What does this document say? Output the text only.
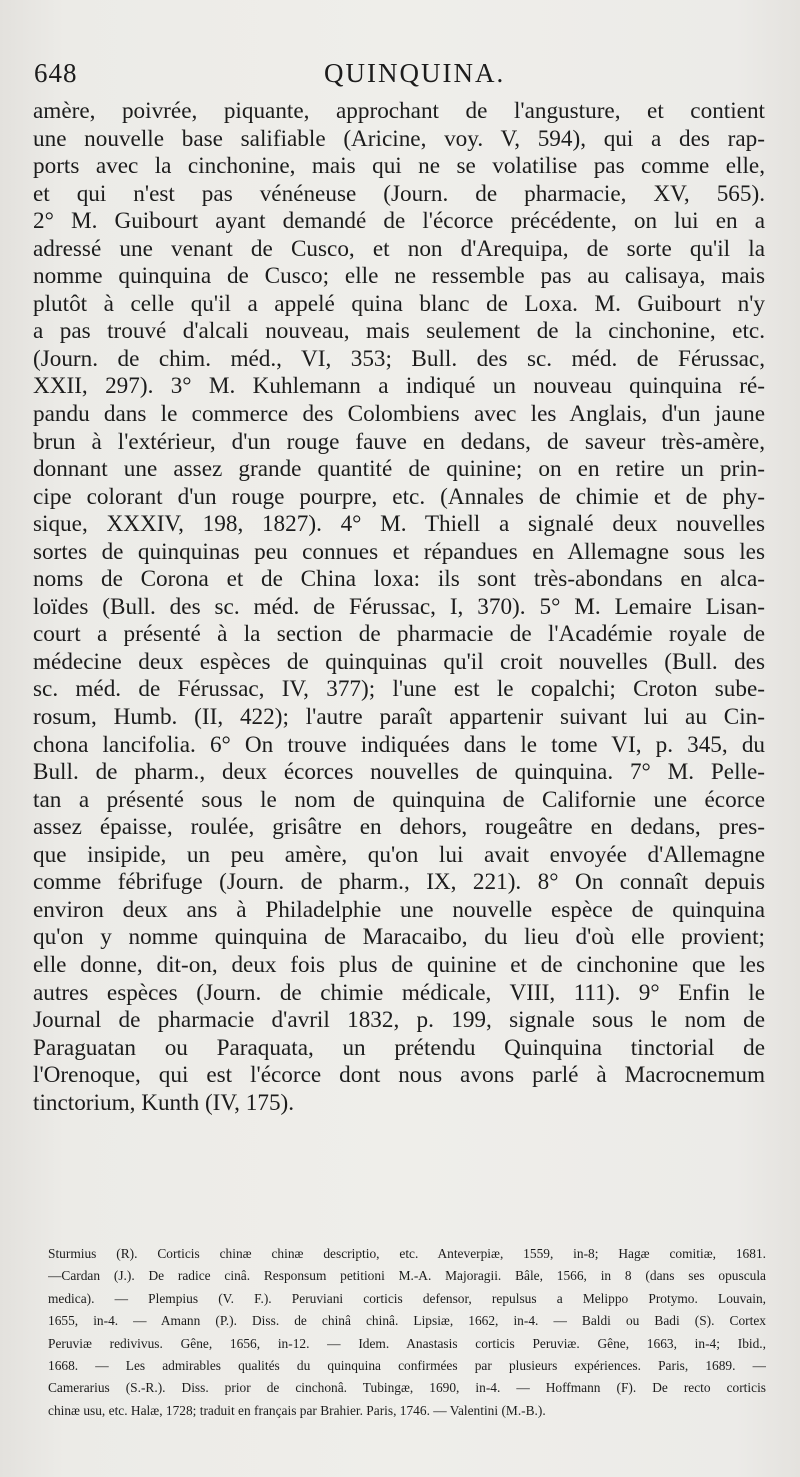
648	QUINQUINA.
amère, poivrée, piquante, approchant de l'angusture, et contient
une nouvelle base salifiable (Aricine, voy. V, 594), qui a des rap-
ports avec la cinchonine, mais qui ne se volatilise pas comme elle,
et qui n'est pas vénéneuse (Journ. de pharmacie, XV, 565).
2° M. Guibourt ayant demandé de l'écorce précédente, on lui en a
adressé une venant de Cusco, et non d'Arequipa, de sorte qu'il la
nomme quinquina de Cusco; elle ne ressemble pas au calisaya, mais
plutôt à celle qu'il a appelé quina blanc de Loxa. M. Guibourt n'y
a pas trouvé d'alcali nouveau, mais seulement de la cinchonine, etc.
(Journ. de chim. méd., VI, 353; Bull. des sc. méd. de Férussac,
XXII, 297). 3° M. Kuhlemann a indiqué un nouveau quinquina ré-
pandu dans le commerce des Colombiens avec les Anglais, d'un jaune
brun à l'extérieur, d'un rouge fauve en dedans, de saveur très-amère,
donnant une assez grande quantité de quinine; on en retire un prin-
cipe colorant d'un rouge pourpre, etc. (Annales de chimie et de phy-
sique, XXXIV, 198, 1827). 4° M. Thiell a signalé deux nouvelles
sortes de quinquinas peu connues et répandues en Allemagne sous les
noms de Corona et de China loxa: ils sont très-abondans en alca-
loïdes (Bull. des sc. méd. de Férussac, I, 370). 5° M. Lemaire Lisan-
court a présenté à la section de pharmacie de l'Académie royale de
médecine deux espèces de quinquinas qu'il croit nouvelles (Bull. des
sc. méd. de Férussac, IV, 377); l'une est le copalchi; Croton sube-
rosum, Humb. (II, 422); l'autre paraît appartenir suivant lui au Cin-
chona lancifolia. 6° On trouve indiquées dans le tome VI, p. 345, du
Bull. de pharm., deux écorces nouvelles de quinquina. 7° M. Pelle-
tan a présenté sous le nom de quinquina de Californie une écorce
assez épaisse, roulée, grisâtre en dehors, rougeâtre en dedans, pres-
que insipide, un peu amère, qu'on lui avait envoyée d'Allemagne
comme fébrifuge (Journ. de pharm., IX, 221). 8° On connaît depuis
environ deux ans à Philadelphie une nouvelle espèce de quinquina
qu'on y nomme quinquina de Maracaibo, du lieu d'où elle provient;
elle donne, dit-on, deux fois plus de quinine et de cinchonine que les
autres espèces (Journ. de chimie médicale, VIII, 111). 9° Enfin le
Journal de pharmacie d'avril 1832, p. 199, signale sous le nom de
Paraguatan ou Paraquata, un prétendu Quinquina tinctorial de
l'Orenoque, qui est l'écorce dont nous avons parlé à Macrocnemum
tinctorium, Kunth (IV, 175).
Sturmius (R). Corticis chinæ chinæ descriptio, etc. Anteverpiæ, 1559, in-8; Hagæ comitiæ, 1681.
—Cardan (J.). De radice cinâ. Responsum petitioni M.-A. Majoragii. Bâle, 1566, in 8 (dans ses opuscula
medica). — Plempius (V. F.). Peruviani corticis defensor, repulsus a Melippo Protymo. Louvain,
1655, in-4. — Amann (P.). Diss. de chinâ chinâ. Lipsiæ, 1662, in-4. — Baldi ou Badi (S). Cortex
Peruviæ redivivus. Gêne, 1656, in-12. — Idem. Anastasis corticis Peruviæ. Gêne, 1663, in-4; Ibid.,
1668. — Les admirables qualités du quinquina confirmées par plusieurs expériences. Paris, 1689. —
Camerarius (S.-R.). Diss. prior de cinchonâ. Tubingæ, 1690, in-4. — Hoffmann (F). De recto corticis
chinæ usu, etc. Halæ, 1728; traduit en français par Brahier. Paris, 1746. — Valentini (M.-B.).
